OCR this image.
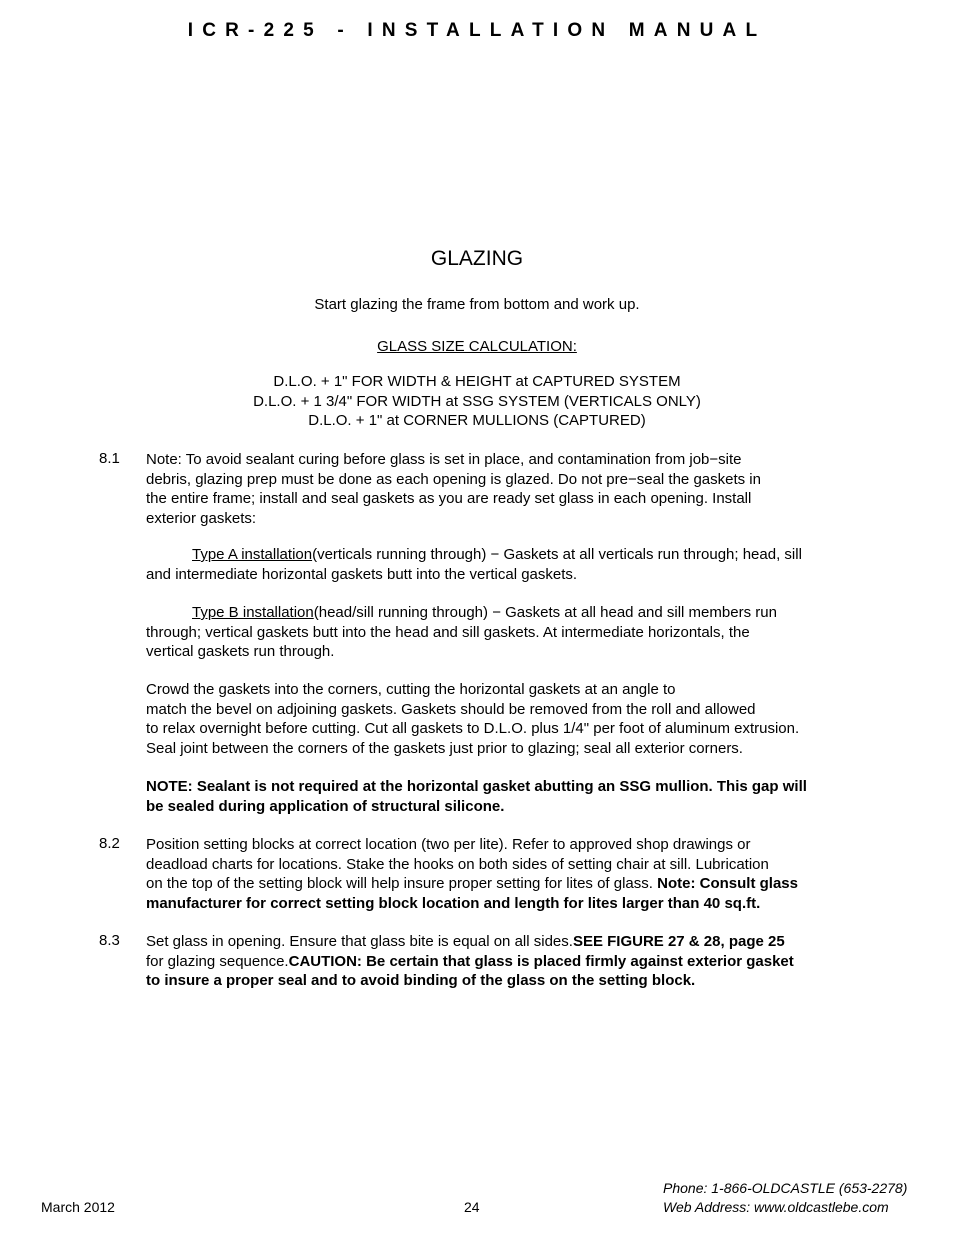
ICR-225 - INSTALLATION MANUAL
GLAZING
Start glazing the frame from bottom and work up.
GLASS SIZE CALCULATION:
D.L.O. + 1" FOR WIDTH & HEIGHT at CAPTURED SYSTEM
D.L.O. + 1 3/4" FOR WIDTH at SSG SYSTEM (VERTICALS ONLY)
D.L.O. + 1" at CORNER MULLIONS (CAPTURED)
8.1 Note: To avoid sealant curing before glass is set in place, and contamination from job−site
debris, glazing prep must be done as each opening is glazed. Do not pre−seal the gaskets in
the entire frame; install and seal gaskets as you are ready set glass in each opening. Install
exterior gaskets:
Type A installation(verticals running through) − Gaskets at all verticals run through; head, sill
and intermediate horizontal gaskets butt into the vertical gaskets.
Type B installation(head/sill running through) − Gaskets at all head and sill members run
through; vertical gaskets butt into the head and sill gaskets. At intermediate horizontals, the
vertical gaskets run through.
Crowd the gaskets into the corners, cutting the horizontal gaskets at an angle to
match the bevel on adjoining gaskets. Gaskets should be removed from the roll and allowed
to relax overnight before cutting. Cut all gaskets to D.L.O. plus 1/4" per foot of aluminum extrusion.
Seal joint between the corners of the gaskets just prior to glazing; seal all exterior corners.
NOTE: Sealant is not required at the horizontal gasket abutting an SSG mullion. This gap will
be sealed during application of structural silicone.
8.2 Position setting blocks at correct location (two per lite). Refer to approved shop drawings or
deadload charts for locations. Stake the hooks on both sides of setting chair at sill. Lubrication
on the top of the setting block will help insure proper setting for lites of glass. Note: Consult glass
manufacturer for correct setting block location and length for lites larger than 40 sq.ft.
8.3 Set glass in opening. Ensure that glass bite is equal on all sides.SEE FIGURE 27 & 28, page 25
for glazing sequence.CAUTION: Be certain that glass is placed firmly against exterior gasket
to insure a proper seal and to avoid binding of the glass on the setting block.
March 2012	24
Phone: 1-866-OLDCASTLE (653-2278)
Web Address: www.oldcastlebe.com
